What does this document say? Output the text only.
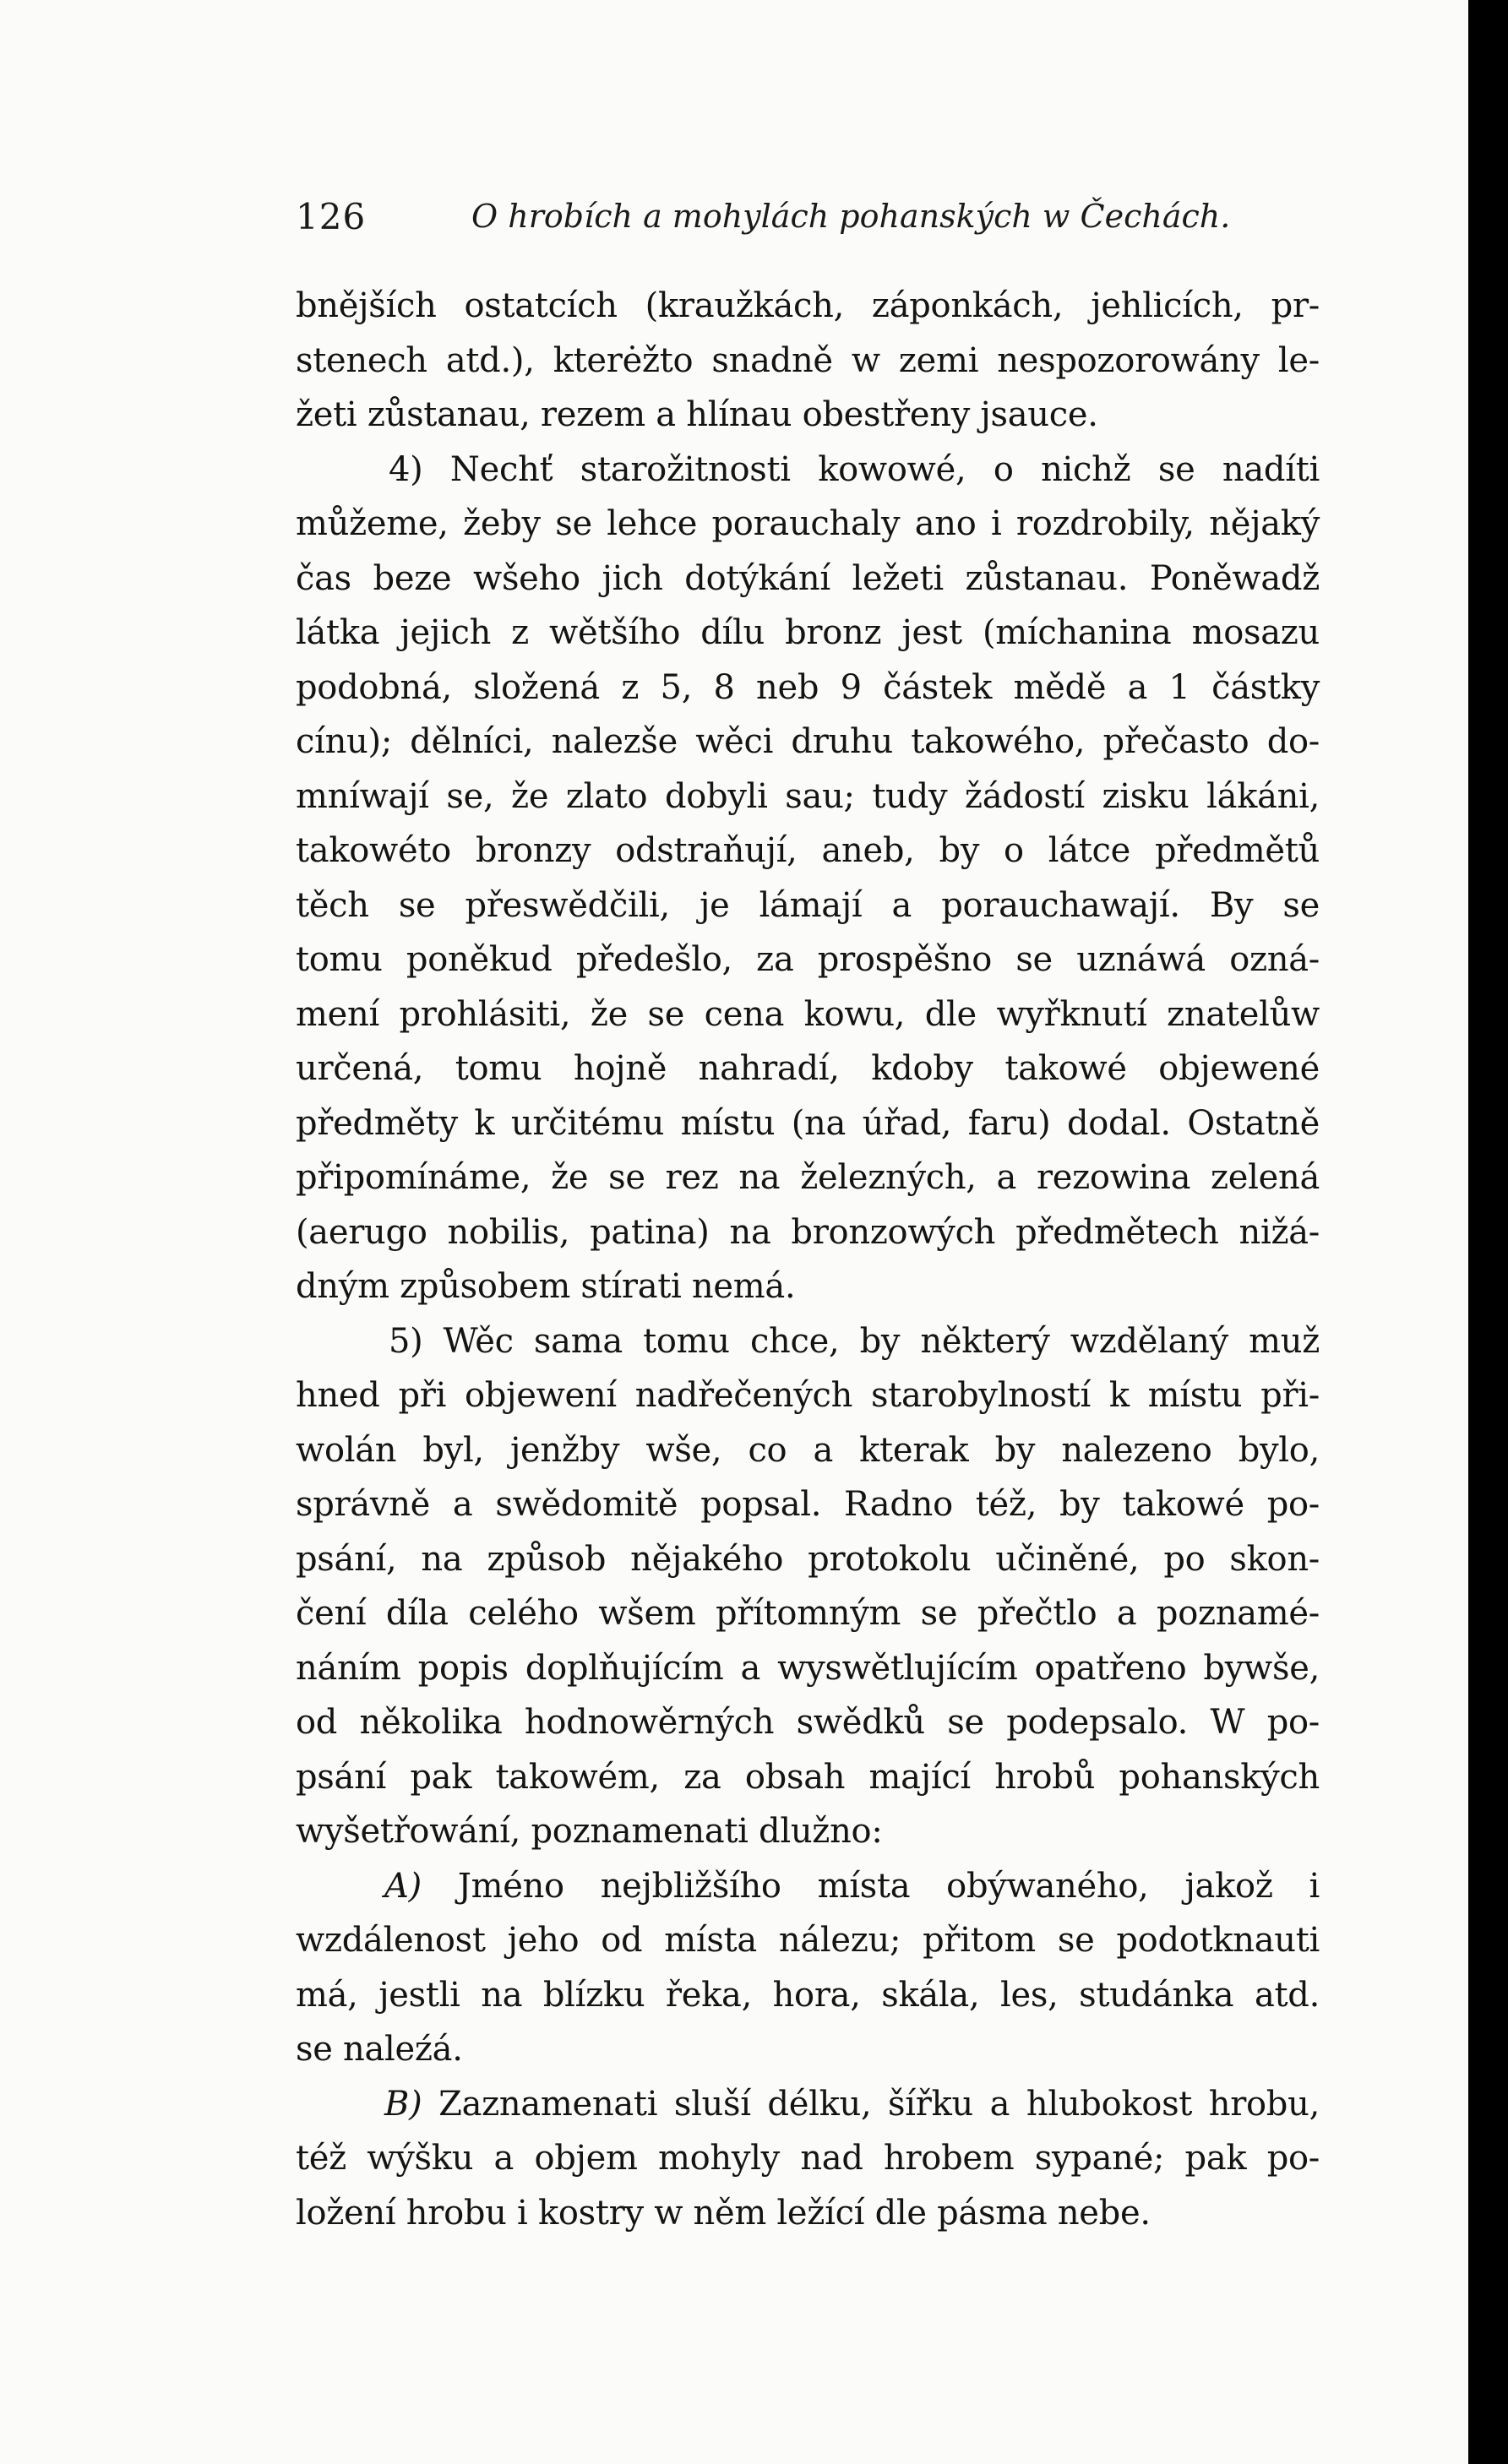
126	O hrobích a mohylách pohanských w Čechách.
bnějších ostatcích (kraužkách, záponkách, jehlicích, pr-
stenech atd.), kterėžto snadně w zemi nespozorowány le-
žeti zůstanau, rezem a hlínau obestřeny jsauce.
4) Nechť starožitnosti kowowé, o nichž se nadíti
můžeme, žeby se lehce porauchaly ano i rozdrobily, nějaký
čas beze wšeho jich dotýkání ležeti zůstanau. Poněwadž
látka jejich z wětšího dílu bronz jest (míchanina mosazu
podobná, složená z 5, 8 neb 9 částek mědě a 1 částky
cínu); dělníci, nalezše wěci druhu takowého, přečasto do-
mníwají se, že zlato dobyli sau; tudy žádostí zisku lákáni,
takowéto bronzy odstraňují, aneb, by o látce předmětů
těch se přeswědčili, je lámají a porauchawají. By se
tomu poněkud předešlo, za prospěšno se uznáwá ozná-
mení prohlásiti, že se cena kowu, dle wyřknutí znatelůw
určená, tomu hojně nahradí, kdoby takowé objewené
předměty k určitému místu (na úřad, faru) dodal. Ostatně
připomínáme, že se rez na železných, a rezowina zelená
(aerugo nobilis, patina) na bronzowých předmětech nižá-
dným způsobem stírati nemá.
5) Wěc sama tomu chce, by některý wzdělaný muž
hned při objewení nadřečených starobylností k místu při-
wolán byl, jenžby wše, co a kterak by nalezeno bylo,
správně a swědomitě popsal. Radno též, by takowé po-
psání, na způsob nějakého protokolu učiněné, po skon-
čení díla celého wšem přítomným se přečtlo a poznamé-
náním popis doplňujícím a wyswětlujícím opatřeno bywše,
od několika hodnowěrných swědků se podepsalo. W po-
psání pak takowém, za obsah mající hrobů pohanských
wyšetřowání, poznamenati dlužno:
A) Jméno nejbližšího místa obýwaného, jakož i
wzdálenost jeho od místa nálezu; přitom se podotknauti
má, jestli na blízku řeka, hora, skála, les, studánka atd.
se naleźá.
B) Zaznamenati sluší délku, šířku a hlubokost hrobu,
též wýšku a objem mohyly nad hrobem sypané; pak po-
ložení hrobu i kostry w něm ležící dle pásma nebe.
